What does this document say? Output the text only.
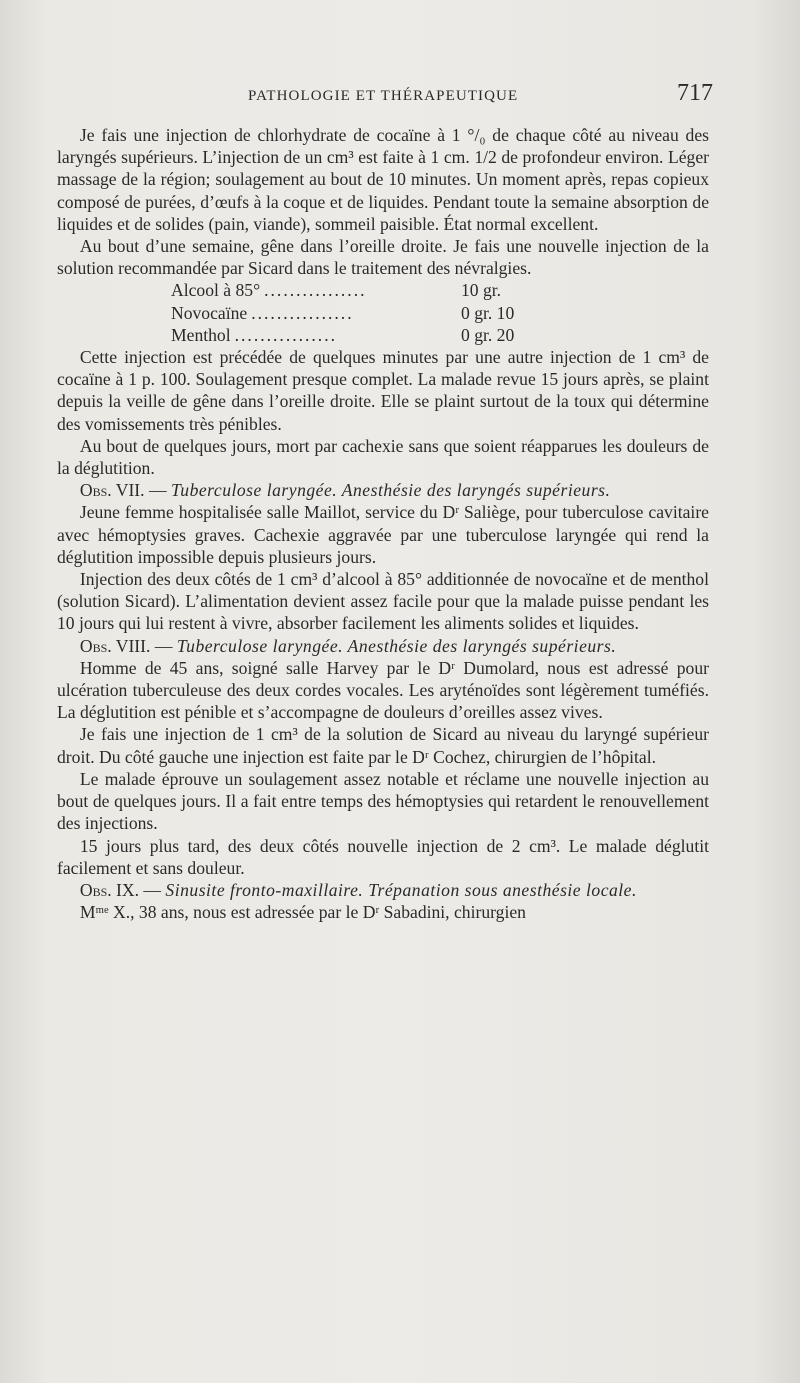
PATHOLOGIE ET THÉRAPEUTIQUE	717

Je fais une injection de chlorhydrate de cocaïne à 1 °/₀ de chaque côté au niveau des laryngés supérieurs. L’injection de un cm³ est faite à 1 cm. 1/2 de profondeur environ. Léger massage de la région; soulagement au bout de 10 minutes. Un moment après, repas copieux composé de purées, d’œufs à la coque et de liquides. Pendant toute la semaine absorption de liquides et de solides (pain, viande), sommeil paisible. État normal excellent.

Au bout d’une semaine, gêne dans l’oreille droite. Je fais une nouvelle injection de la solution recommandée par Sicard dans le traitement des névralgies.

Alcool à 85° ................	10 gr.
Novocaïne ................	0 gr. 10
Menthol ................	0 gr. 20

Cette injection est précédée de quelques minutes par une autre injection de 1 cm³ de cocaïne à 1 p. 100. Soulagement presque complet. La malade revue 15 jours après, se plaint depuis la veille de gêne dans l’oreille droite. Elle se plaint surtout de la toux qui détermine des vomissements très pénibles.

Au bout de quelques jours, mort par cachexie sans que soient réapparues les douleurs de la déglutition.

Obs. VII. — Tuberculose laryngée. Anesthésie des laryngés supérieurs.

Jeune femme hospitalisée salle Maillot, service du Dʳ Saliège, pour tuberculose cavitaire avec hémoptysies graves. Cachexie aggravée par une tuberculose laryngée qui rend la déglutition impossible depuis plusieurs jours.

Injection des deux côtés de 1 cm³ d’alcool à 85° additionnée de novocaïne et de menthol (solution Sicard). L’alimentation devient assez facile pour que la malade puisse pendant les 10 jours qui lui restent à vivre, absorber facilement les aliments solides et liquides.

Obs. VIII. — Tuberculose laryngée. Anesthésie des laryngés supérieurs.

Homme de 45 ans, soigné salle Harvey par le Dʳ Dumolard, nous est adressé pour ulcération tuberculeuse des deux cordes vocales. Les aryténoïdes sont légèrement tuméfiés. La déglutition est pénible et s’accompagne de douleurs d’oreilles assez vives.

Je fais une injection de 1 cm³ de la solution de Sicard au niveau du laryngé supérieur droit. Du côté gauche une injection est faite par le Dʳ Cochez, chirurgien de l’hôpital.

Le malade éprouve un soulagement assez notable et réclame une nouvelle injection au bout de quelques jours. Il a fait entre temps des hémoptysies qui retardent le renouvellement des injections.

15 jours plus tard, des deux côtés nouvelle injection de 2 cm³. Le malade déglutit facilement et sans douleur.

Obs. IX. — Sinusite fronto-maxillaire. Trépanation sous anesthésie locale.

Mᵐᵉ X., 38 ans, nous est adressée par le Dʳ Sabadini, chirurgien
